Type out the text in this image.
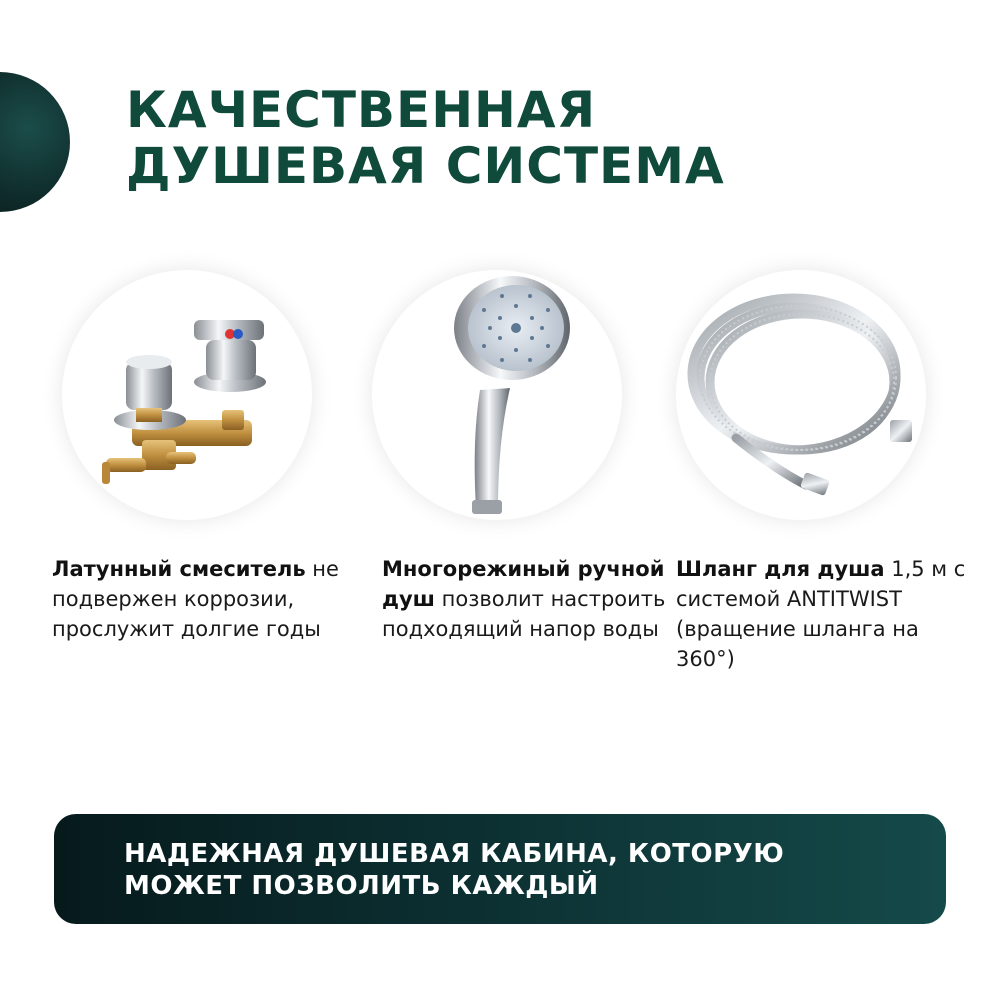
КАЧЕСТВЕННАЯ
ДУШЕВАЯ СИСТЕМА

Латунный смеситель не подвержен коррозии, прослужит долгие годы

Многорежиный ручной душ позволит настроить подходящий напор воды

Шланг для душа 1,5 м с системой ANTITWIST (вращение шланга на 360°)

НАДЕЖНАЯ ДУШЕВАЯ КАБИНА, КОТОРУЮ
МОЖЕТ ПОЗВОЛИТЬ КАЖДЫЙ
